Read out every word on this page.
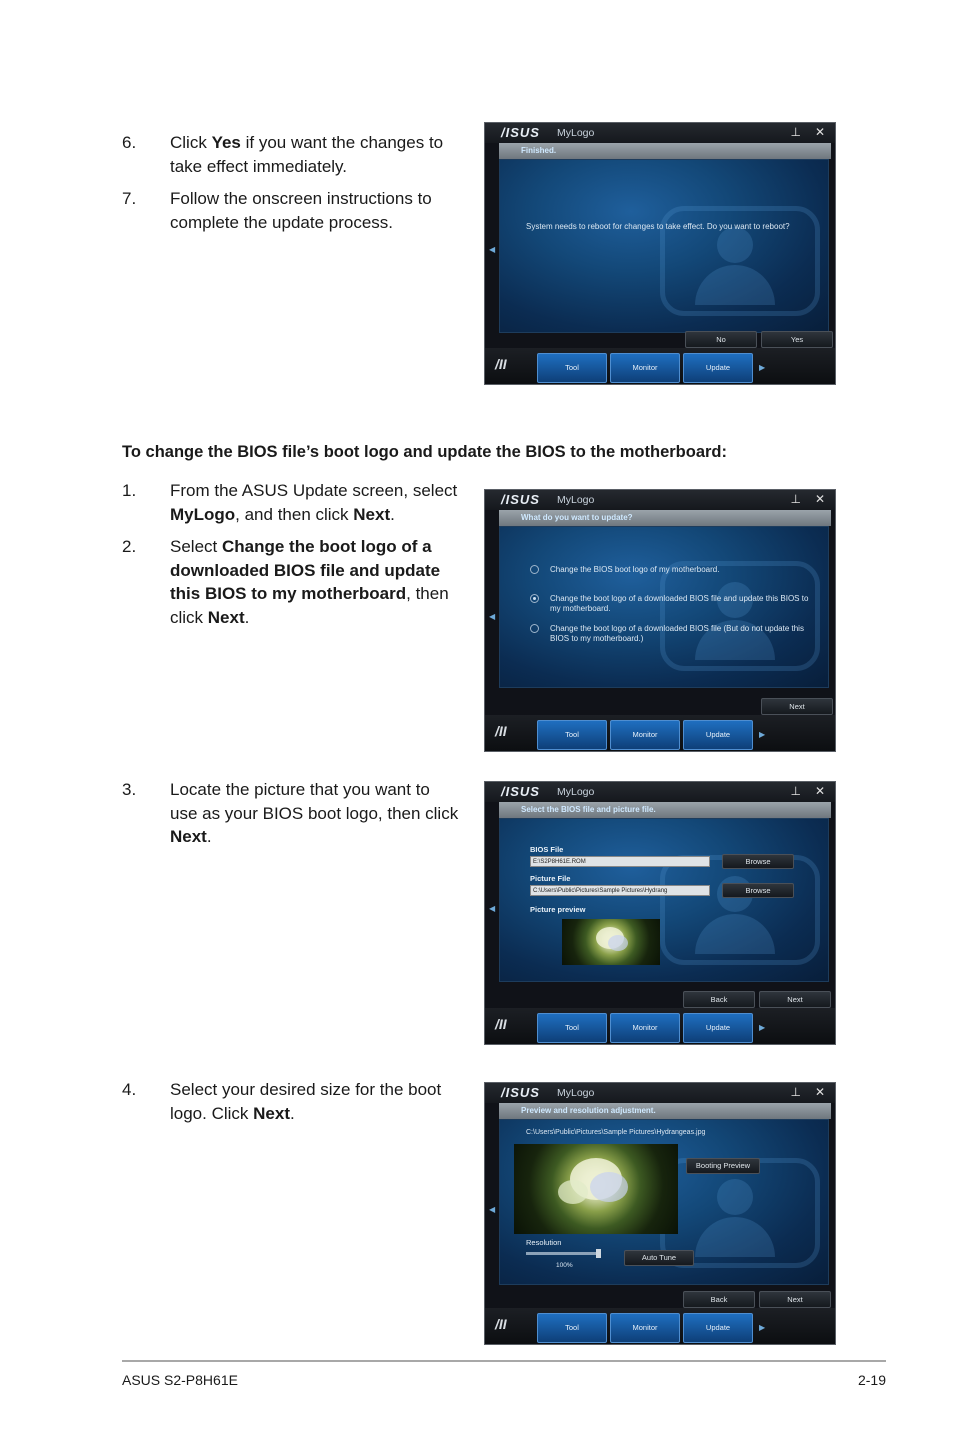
6. Click Yes if you want the changes to take effect immediately.
7. Follow the onscreen instructions to complete the update process.
/ISUS MyLogo	⊥ ✕
Finished.
System needs to reboot for changes to take effect. Do you want to reboot?
◀
No	Yes
/II	Tool	Monitor	Update	▶
To change the BIOS file’s boot logo and update the BIOS to the motherboard:
1. From the ASUS Update screen, select MyLogo, and then click Next.
2. Select Change the boot logo of a downloaded BIOS file and update this BIOS to my motherboard, then click Next.
/ISUS MyLogo	⊥ ✕
What do you want to update?
Change the BIOS boot logo of my motherboard.
Change the boot logo of a downloaded BIOS file and update this BIOS to my motherboard.
Change the boot logo of a downloaded BIOS file (But do not update this BIOS to my motherboard.)
◀
Next
/II	Tool	Monitor	Update	▶
3. Locate the picture that you want to use as your BIOS boot logo, then click Next.
/ISUS MyLogo	⊥ ✕
Select the BIOS file and picture file.
BIOS File
E:\S2P8H61E.ROM	Browse
Picture File
C:\Users\Public\Pictures\Sample Pictures\Hydrang	Browse
Picture preview
◀
Back	Next
/II	Tool	Monitor	Update	▶
4. Select your desired size for the boot logo. Click Next.
/ISUS MyLogo	⊥ ✕
Preview and resolution adjustment.
C:\Users\Public\Pictures\Sample Pictures\Hydrangeas.jpg
Booting Preview
Resolution
100%
Auto Tune
◀
Back	Next
/II	Tool	Monitor	Update	▶
ASUS S2-P8H61E	2-19
